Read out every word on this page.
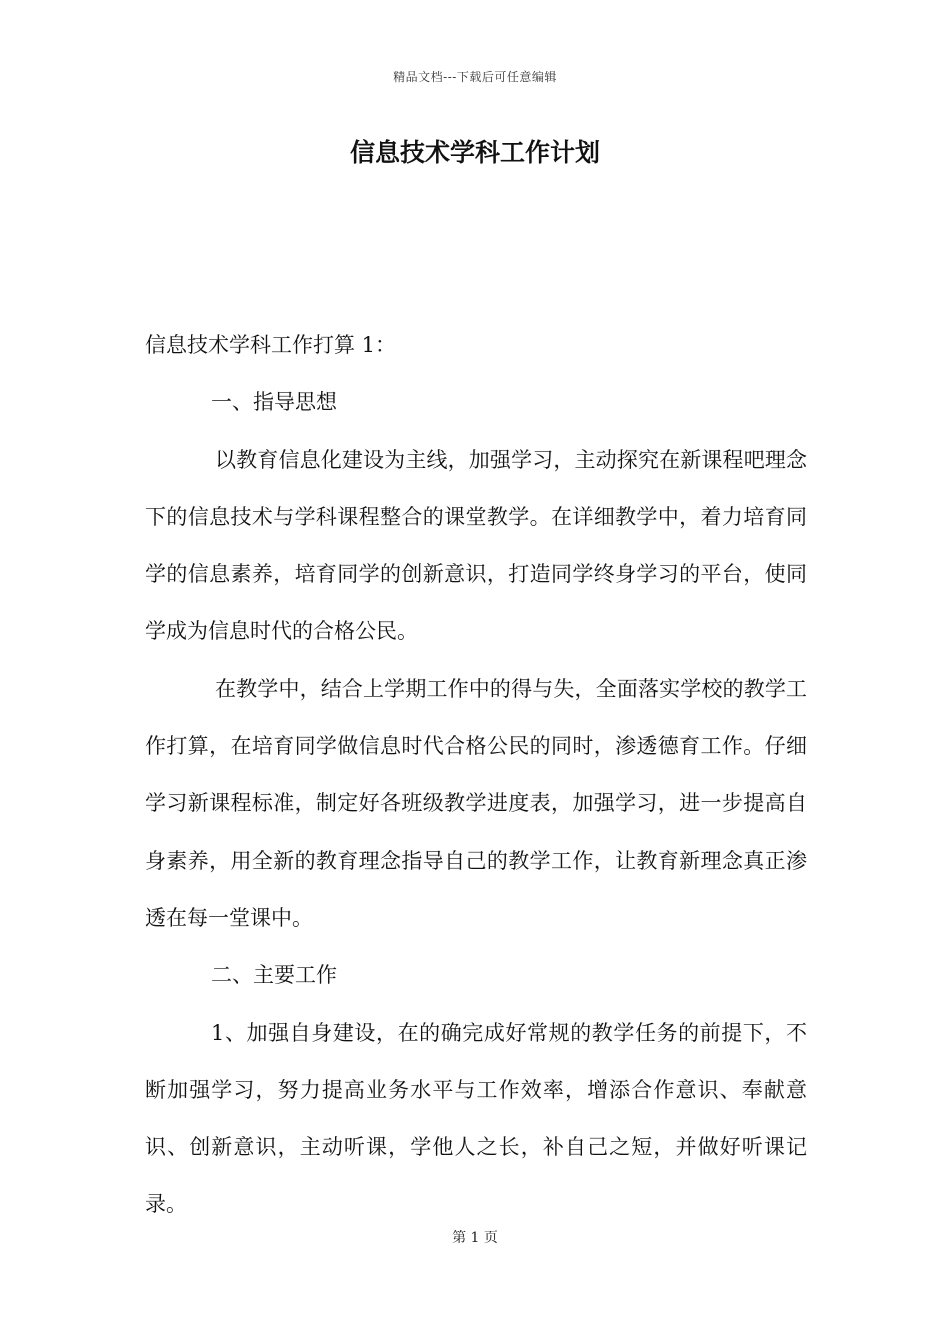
精品文档---下载后可任意编辑
信息技术学科工作计划

信息技术学科工作打算 1：

一、指导思想

以教育信息化建设为主线，加强学习，主动探究在新课程吧理念下的信息技术与学科课程整合的课堂教学。在详细教学中，着力培育同学的信息素养，培育同学的创新意识，打造同学终身学习的平台，使同学成为信息时代的合格公民。

在教学中，结合上学期工作中的得与失，全面落实学校的教学工作打算，在培育同学做信息时代合格公民的同时，渗透德育工作。仔细学习新课程标准，制定好各班级教学进度表，加强学习，进一步提高自身素养，用全新的教育理念指导自己的教学工作，让教育新理念真正渗透在每一堂课中。

二、主要工作

1、加强自身建设，在的确完成好常规的教学任务的前提下，不断加强学习，努力提高业务水平与工作效率，增添合作意识、奉献意识、创新意识，主动听课，学他人之长，补自己之短，并做好听课记录。

第 1 页
